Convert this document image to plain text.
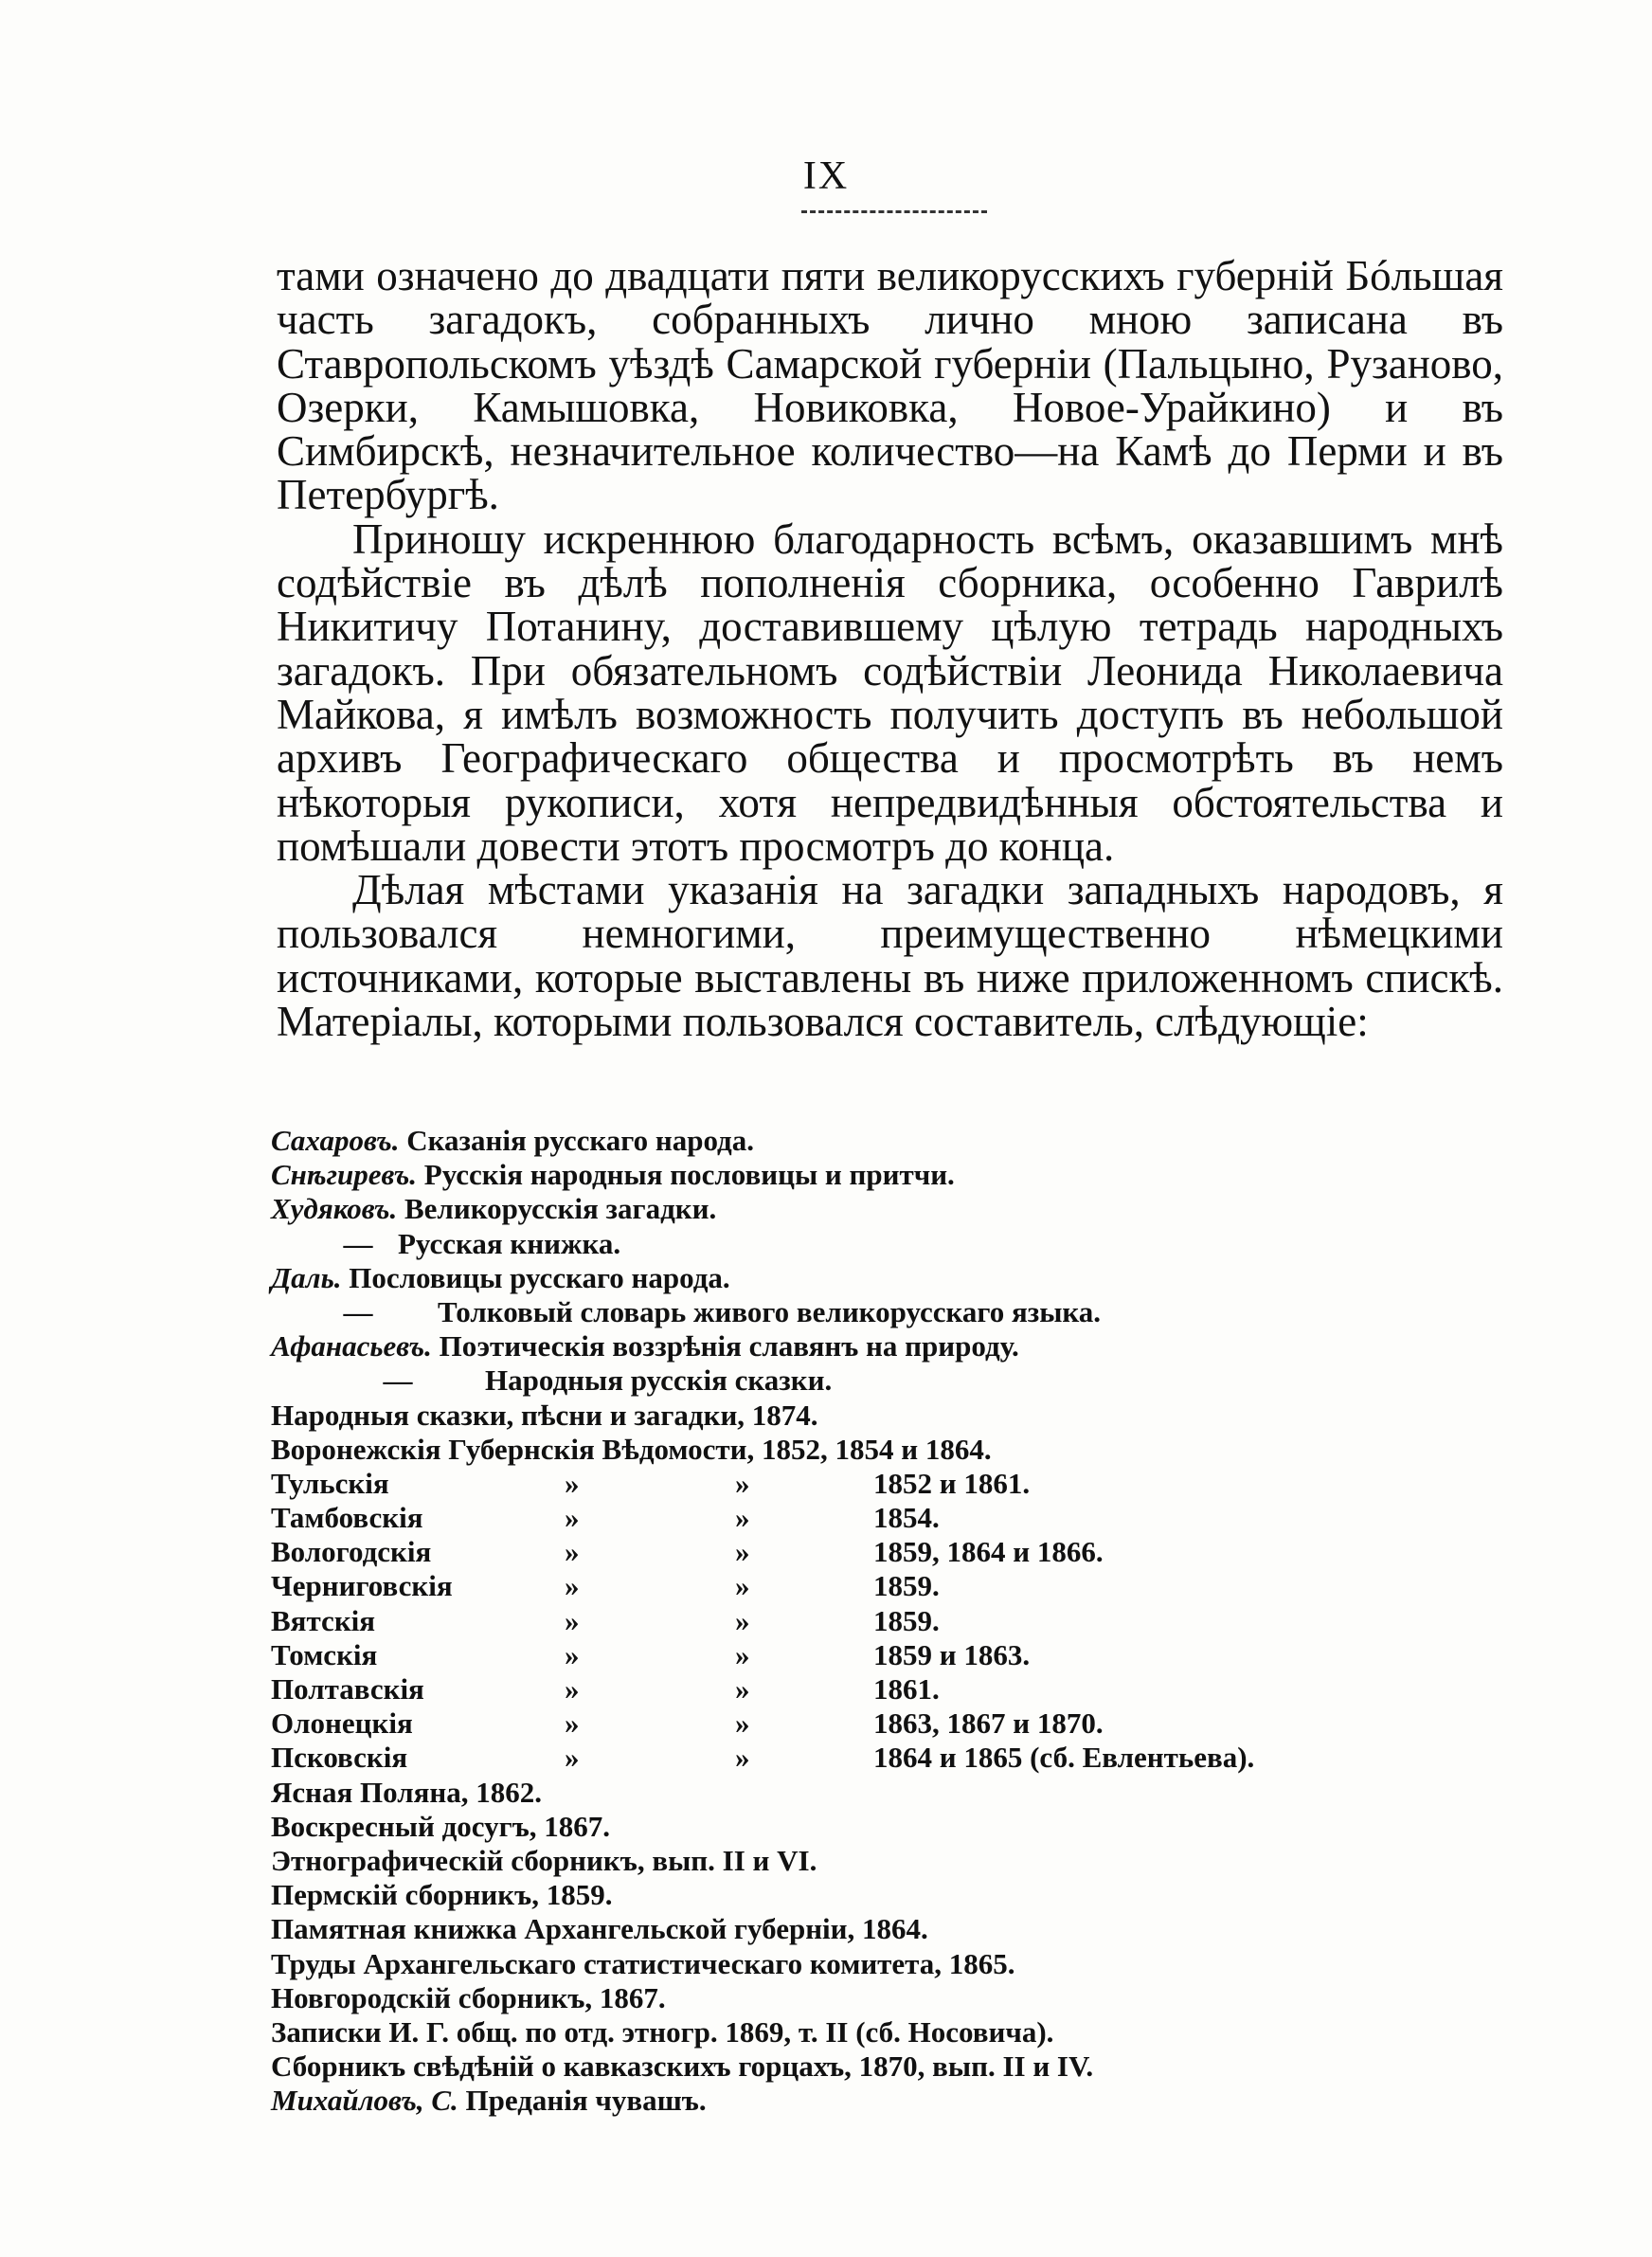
IX

тами означено до двадцати пяти великорусскихъ губерній Бóльшая часть загадокъ, собранныхъ лично мною записана въ Ставропольскомъ уѣздѣ Самарской губерніи (Пальцыно, Рузаново, Озерки, Камышовка, Новиковка, Новое-Урайкино) и въ Симбирскѣ, незначительное количество—на Камѣ до Перми и въ Петербургѣ.

Приношу искреннюю благодарность всѣмъ, оказавшимъ мнѣ содѣйствіе въ дѣлѣ пополненія сборника, особенно Гаврилѣ Никитичу Потанину, доставившему цѣлую тетрадь народныхъ загадокъ. При обязательномъ содѣйствіи Леонида Николаевича Майкова, я имѣлъ возможность получить доступъ въ небольшой архивъ Географическаго общества и просмотрѣть въ немъ нѣкоторыя рукописи, хотя непредвидѣнныя обстоятельства и помѣшали довести этотъ просмотръ до конца.

Дѣлая мѣстами указанія на загадки западныхъ народовъ, я пользовался немногими, преимущественно нѣмецкими источниками, которые выставлены въ ниже приложенномъ спискѣ. Матеріалы, которыми пользовался составитель, слѣдующіе:

Сахаровъ. Сказанія русскаго народа.
Снѣгиревъ. Русскія народныя пословицы и притчи.
Худяковъ. Великорусскія загадки.
— Русская книжка.
Даль. Пословицы русскаго народа.
— Толковый словарь живого великорусскаго языка.
Афанасьевъ. Поэтическія воззрѣнія славянъ на природу.
— Народныя русскія сказки.
Народныя сказки, пѣсни и загадки, 1874.
Воронежскія Губернскія Вѣдомости, 1852, 1854 и 1864.
Тульскія	»	»	1852 и 1861.
Тамбовскія	»	»	1854.
Вологодскія	»	»	1859, 1864 и 1866.
Черниговскія	»	»	1859.
Вятскія	»	»	1859.
Томскія	»	»	1859 и 1863.
Полтавскія	»	»	1861.
Олонецкія	»	»	1863, 1867 и 1870.
Псковскія	»	»	1864 и 1865 (сб. Евлентьева).
Ясная Поляна, 1862.
Воскресный досугъ, 1867.
Этнографическій сборникъ, вып. II и VI.
Пермскій сборникъ, 1859.
Памятная книжка Архангельской губерніи, 1864.
Труды Архангельскаго статистическаго комитета, 1865.
Новгородскій сборникъ, 1867.
Записки И. Г. общ. по отд. этногр. 1869, т. II (сб. Носовича).
Сборникъ свѣдѣній о кавказскихъ горцахъ, 1870, вып. II и IV.
Михайловъ, С. Преданія чувашъ.
